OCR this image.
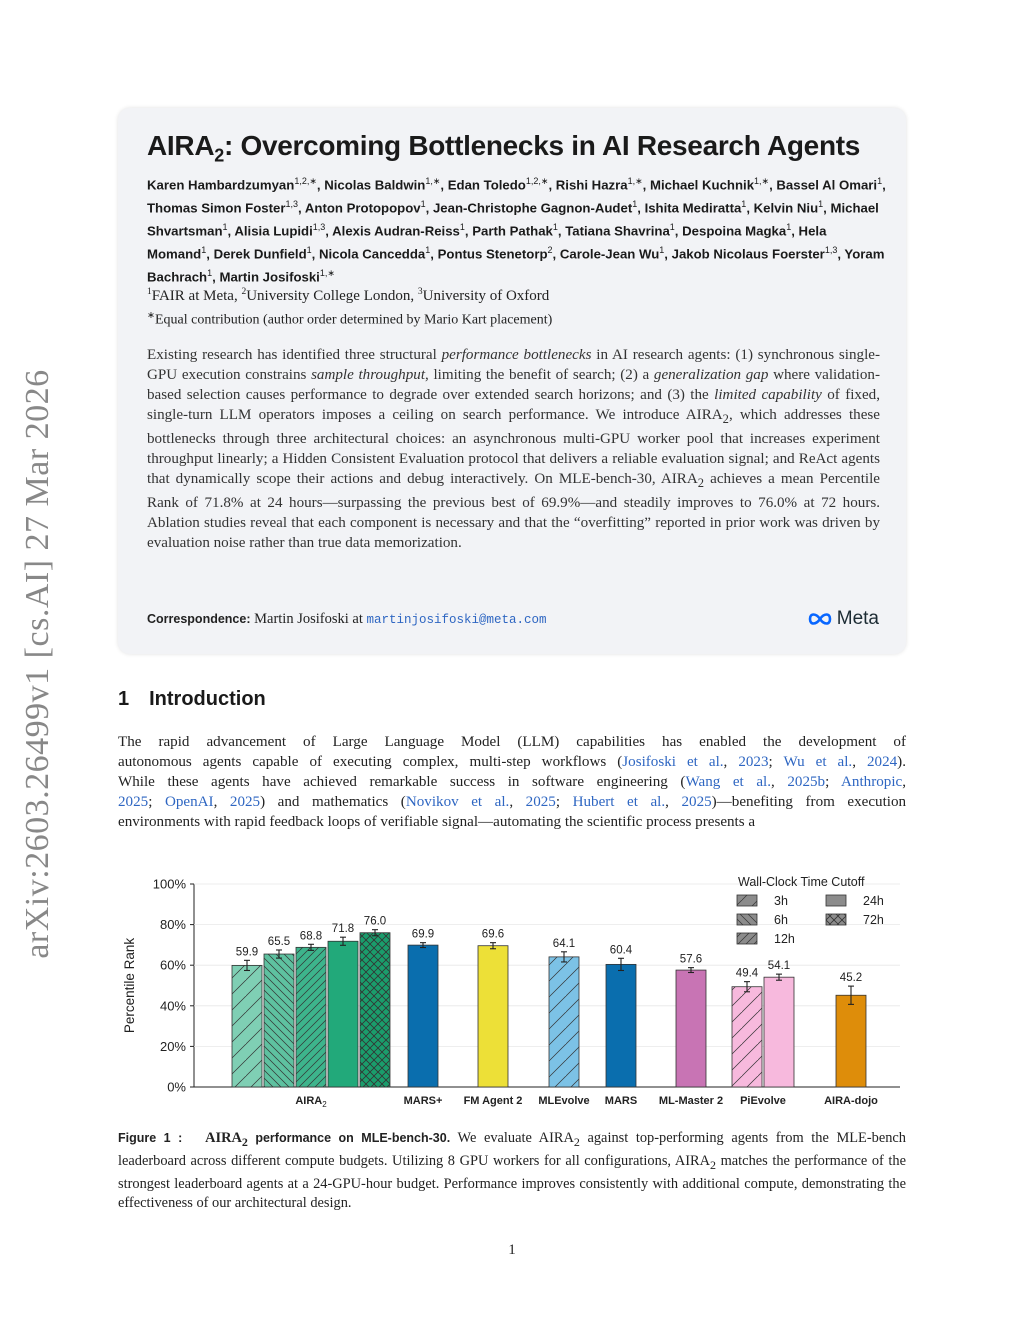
arXiv:2603.26499v1 [cs.AI] 27 Mar 2026
$AIRA_2$: Overcoming Bottlenecks in AI Research Agents
Karen Hambardzumyan$^{1,2,∗}$, Nicolas Baldwin$^{1,∗}$, Edan Toledo$^{1,2,∗}$, Rishi Hazra$^{1,∗}$, Michael Kuchnik$^{1,∗}$, Bassel Al Omari$^1$, Thomas Simon Foster$^{1,3}$, Anton Protopopov$^1$, Jean-Christophe Gagnon-Audet$^1$, Ishita Mediratta$^1$, Kelvin Niu$^1$, Michael Shvartsman$^1$, Alisia Lupidi$^{1,3}$, Alexis Audran-Reiss$^1$, Parth Pathak$^1$, Tatiana Shavrina$^1$, Despoina Magka$^1$, Hela Momand$^1$, Derek Dunfield$^1$, Nicola Cancedda$^1$, Pontus Stenetorp$^2$, Carole-Jean Wu$^1$, Jakob Nicolaus Foerster$^{1,3}$, Yoram Bachrach$^1$, Martin Josifoski$^{1,∗}$
$^1$FAIR at Meta, $^2$University College London, $^3$University of Oxford
∗Equal contribution (author order determined by Mario Kart placement)
Existing research has identified three structural performance bottlenecks in AI research agents: (1) synchronous single-GPU execution constrains sample throughput, limiting the benefit of search; (2) a generalization gap where validation-based selection causes performance to degrade over extended search horizons; and (3) the limited capability of fixed, single-turn LLM operators imposes a ceiling on search performance. We introduce $AIRA_2$, which addresses these bottlenecks through three architectural choices: an asynchronous multi-GPU worker pool that increases experiment throughput linearly; a Hidden Consistent Evaluation protocol that delivers a reliable evaluation signal; and ReAct agents that dynamically scope their actions and debug interactively. On MLE-bench-30, $AIRA_2$ achieves a mean Percentile Rank of 71.8% at 24 hours—surpassing the previous best of 69.9%—and steadily improves to 76.0% at 72 hours. Ablation studies reveal that each component is necessary and that the “overfitting” reported in prior work was driven by evaluation noise rather than true data memorization.
Correspondence: Martin Josifoski at martinjosifoski@meta.com	Meta
1 Introduction
The rapid advancement of Large Language Model (LLM) capabilities has enabled the development of
autonomous agents capable of executing complex, multi-step workflows (Josifoski et al., 2023; Wu et al., 2024).
While these agents have achieved remarkable success in software engineering (Wang et al., 2025b; Anthropic,
2025; OpenAI, 2025) and mathematics (Novikov et al., 2025; Hubert et al., 2025)—benefiting from execution
environments with rapid feedback loops of verifiable signal—automating the scientific process presents a
0%
20%
40%
60%
80%
100%
Percentile Rank	59.9
65.5 68.8
71.8
76.0
$AIRA_2$
69.9
MARS+
69.6
FM Agent 2
64.1
MLEvolve
60.4
MARS
57.6
ML-Master 2
49.4
54.1
PiEvolve
45.2
AIRA-dojo
Wall-Clock Time Cutoff
3h
6h
12h
24h
72h
Figure 1 : $AIRA_2$ performance on MLE-bench-30. We evaluate $AIRA_2$ against top-performing agents from the MLE-bench leaderboard across different compute budgets. Utilizing 8 GPU workers for all configurations, $AIRA_2$ matches the performance of the strongest leaderboard agents at a 24-GPU-hour budget. Performance improves consistently with additional compute, demonstrating the effectiveness of our architectural design.
1
